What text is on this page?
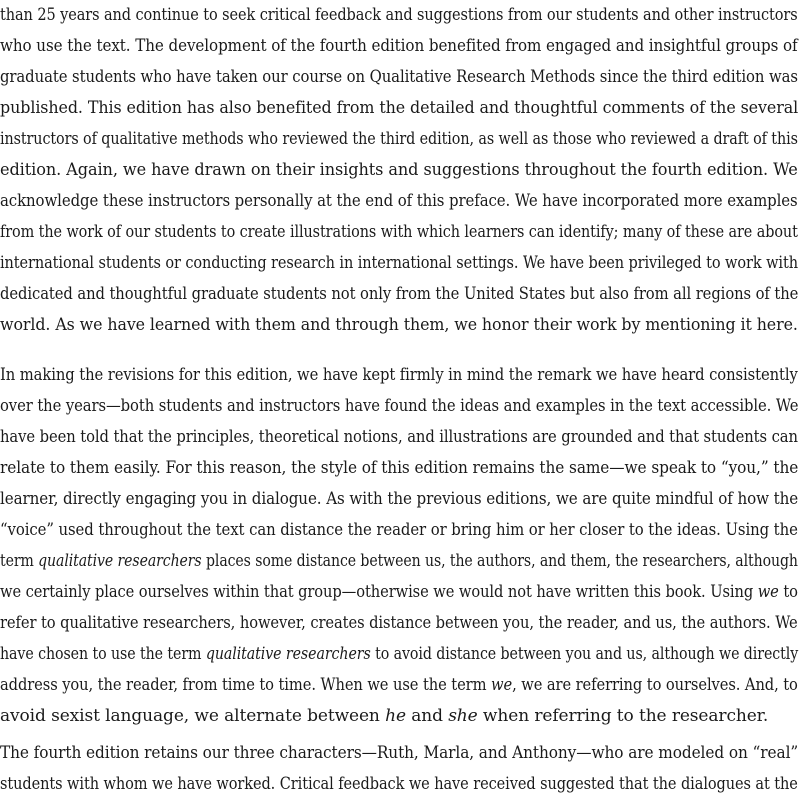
than 25 years and continue to seek critical feedback and suggestions from our students and other instructors
who use the text. The development of the fourth edition benefited from engaged and insightful groups of
graduate students who have taken our course on Qualitative Research Methods since the third edition was
published. This edition has also benefited from the detailed and thoughtful comments of the several
instructors of qualitative methods who reviewed the third edition, as well as those who reviewed a draft of this
edition. Again, we have drawn on their insights and suggestions throughout the fourth edition. We
acknowledge these instructors personally at the end of this preface. We have incorporated more examples
from the work of our students to create illustrations with which learners can identify; many of these are about
international students or conducting research in international settings. We have been privileged to work with
dedicated and thoughtful graduate students not only from the United States but also from all regions of the
world. As we have learned with them and through them, we honor their work by mentioning it here.
In making the revisions for this edition, we have kept firmly in mind the remark we have heard consistently
over the years—both students and instructors have found the ideas and examples in the text accessible. We
have been told that the principles, theoretical notions, and illustrations are grounded and that students can
relate to them easily. For this reason, the style of this edition remains the same—we speak to “you,” the
learner, directly engaging you in dialogue. As with the previous editions, we are quite mindful of how the
“voice” used throughout the text can distance the reader or bring him or her closer to the ideas. Using the
term qualitative researchers places some distance between us, the authors, and them, the researchers, although
we certainly place ourselves within that group—otherwise we would not have written this book. Using we to
refer to qualitative researchers, however, creates distance between you, the reader, and us, the authors. We
have chosen to use the term qualitative researchers to avoid distance between you and us, although we directly
address you, the reader, from time to time. When we use the term we, we are referring to ourselves. And, to
avoid sexist language, we alternate between he and she when referring to the researcher.
The fourth edition retains our three characters—Ruth, Marla, and Anthony—who are modeled on “real”
students with whom we have worked. Critical feedback we have received suggested that the dialogues at the
